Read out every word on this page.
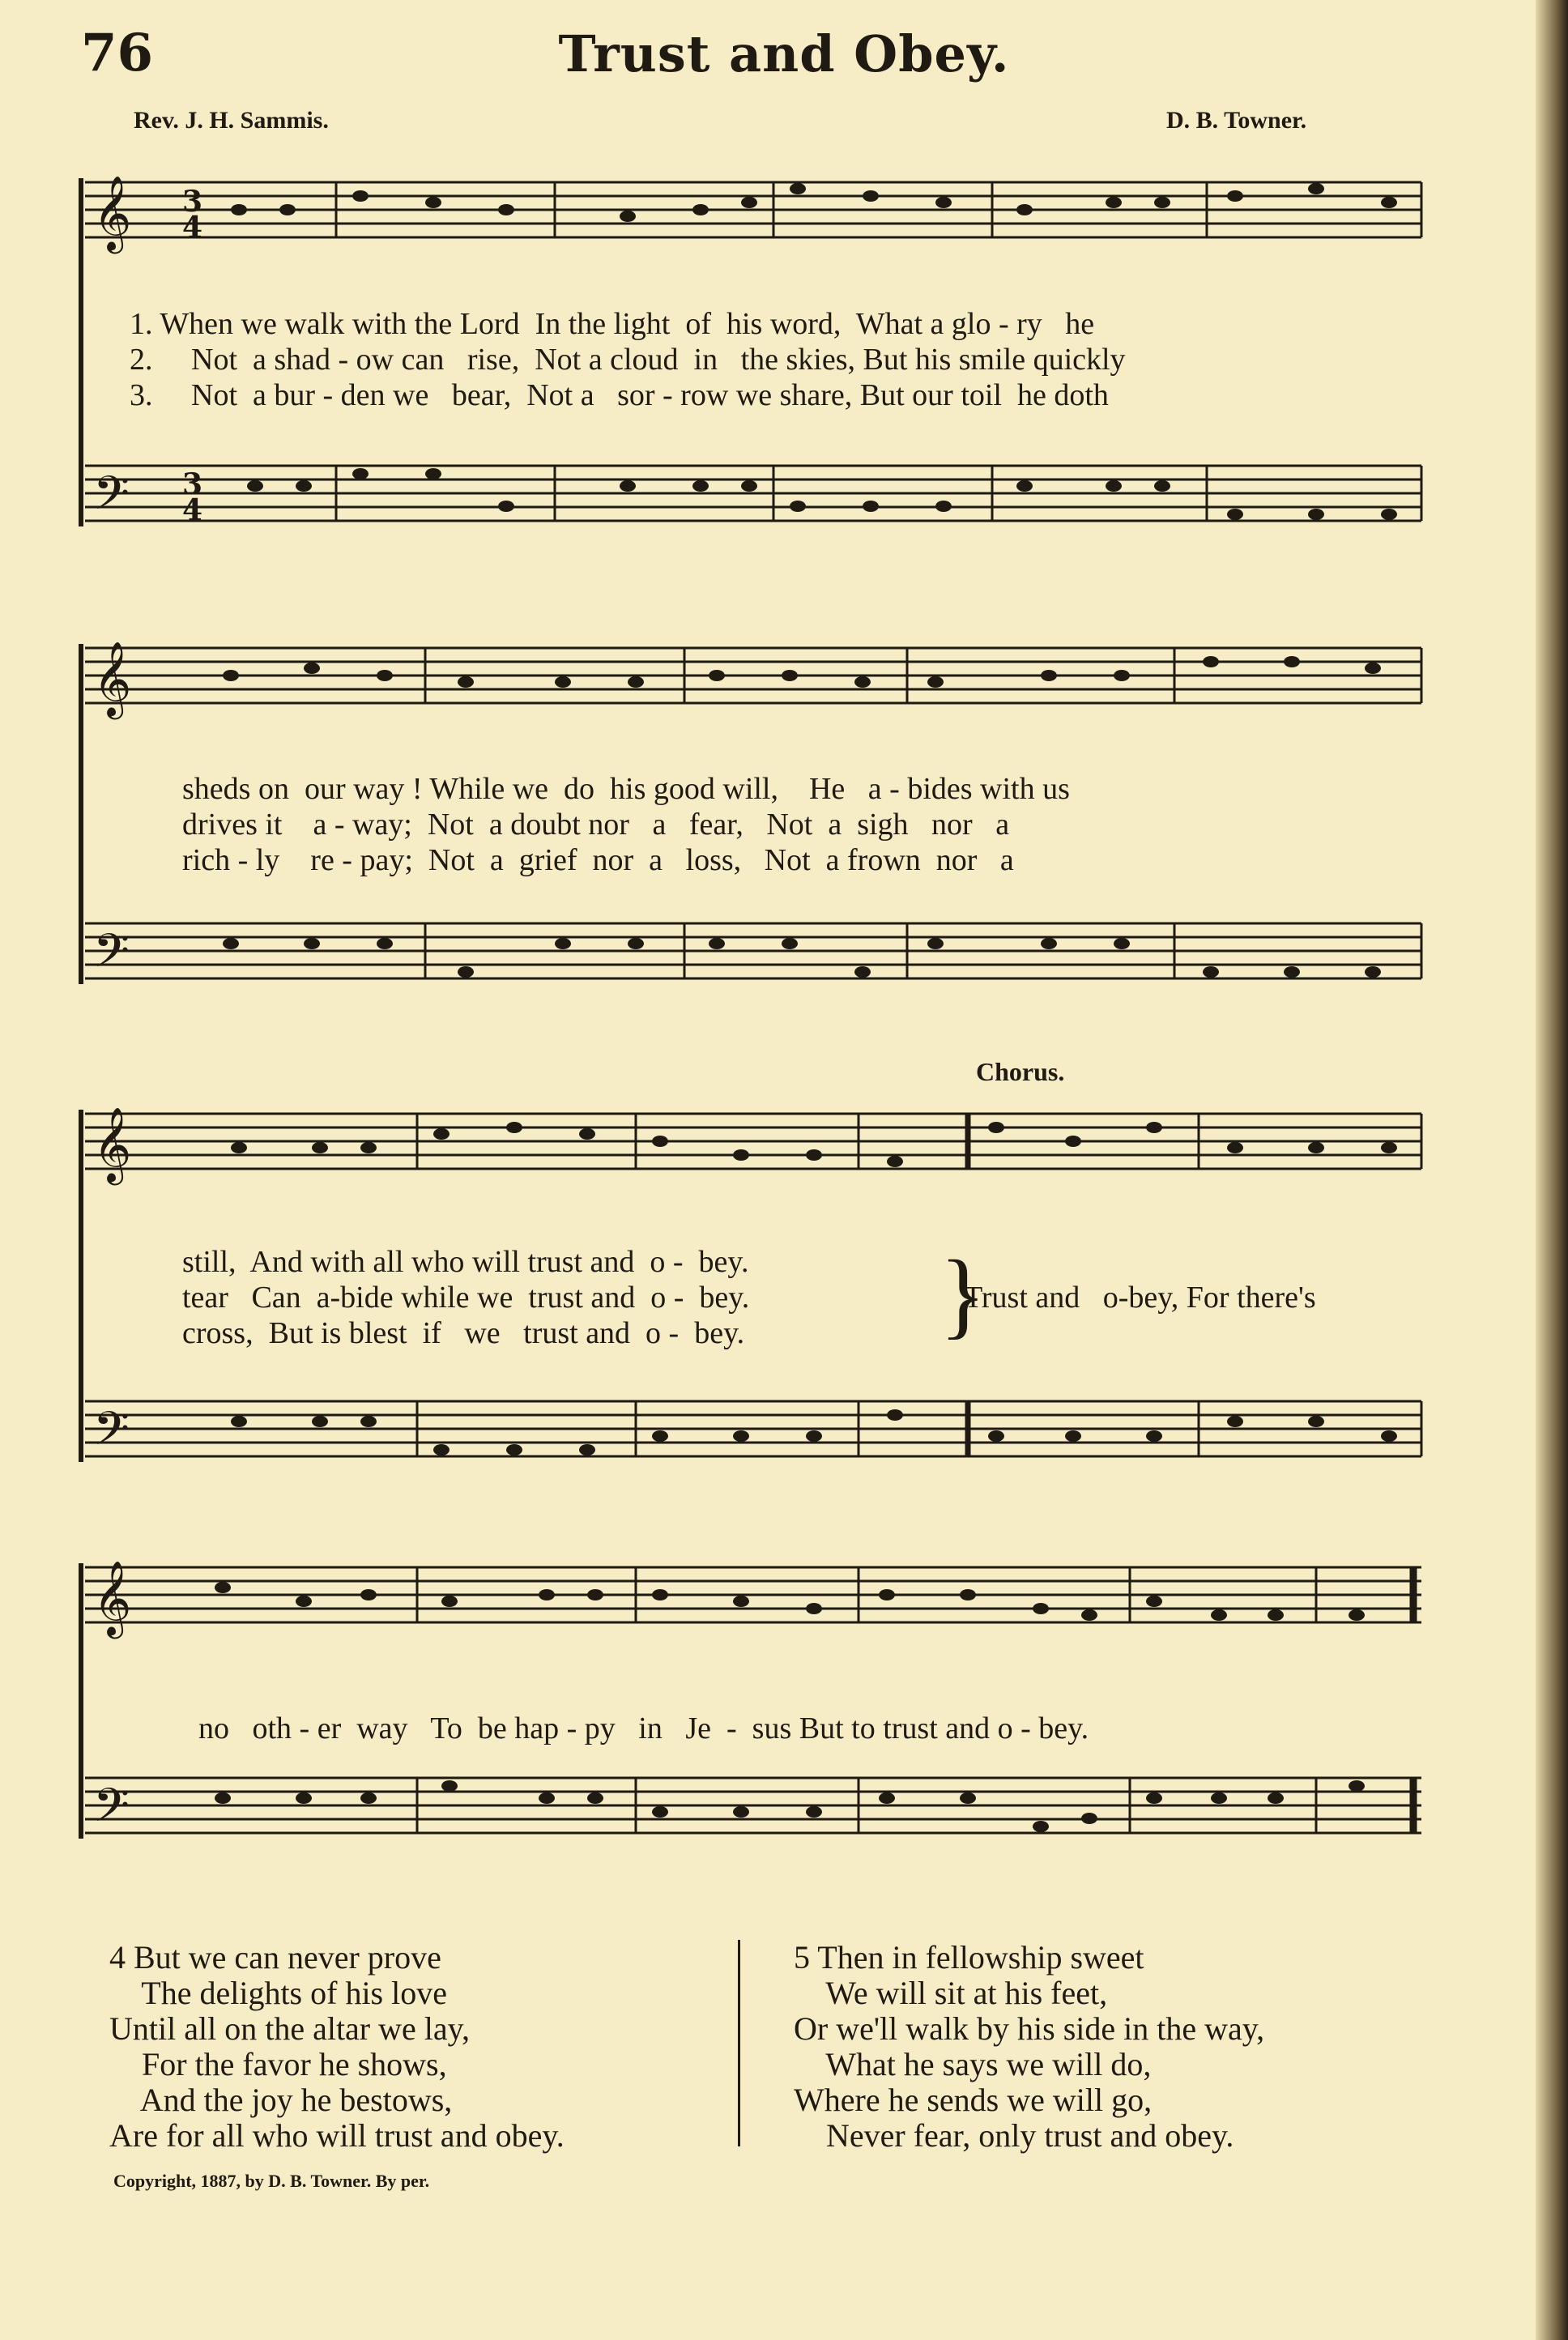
76	Trust and Obey.
Rev. J. H. Sammis.	D. B. Towner.
𝄞
𝄢
3
4
3
4
𝄞
𝄢
𝄞
𝄢
𝄞
𝄢
1. When we walk with the Lord  In the light  of  his word,  What a glo - ry   he
2.     Not  a shad - ow can   rise,  Not a cloud  in   the skies, But his smile quickly
3.     Not  a bur - den we   bear,  Not a   sor - row we share, But our toil  he doth
sheds on  our way ! While we  do  his good will,    He   a - bides with us
drives it    a - way;  Not  a doubt nor   a   fear,   Not  a  sigh   nor   a
rich - ly    re - pay;  Not  a  grief  nor  a   loss,   Not  a frown  nor   a
Chorus.
still,  And with all who will trust and  o -  bey.
tear   Can  a-bide while we  trust and  o -  bey.
cross,  But is blest  if   we   trust and  o -  bey.	}
Trust and   o-bey, For there's
no   oth - er  way   To  be hap - py   in   Je  -  sus But to trust and o - bey.
4 But we can never prove
The delights of his love
Until all on the altar we lay,
For the favor he shows,
And the joy he bestows,
Are for all who will trust and obey.
5 Then in fellowship sweet
We will sit at his feet,
Or we'll walk by his side in the way,
What he says we will do,
Where he sends we will go,
Never fear, only trust and obey.
Copyright, 1887, by D. B. Towner. By per.
